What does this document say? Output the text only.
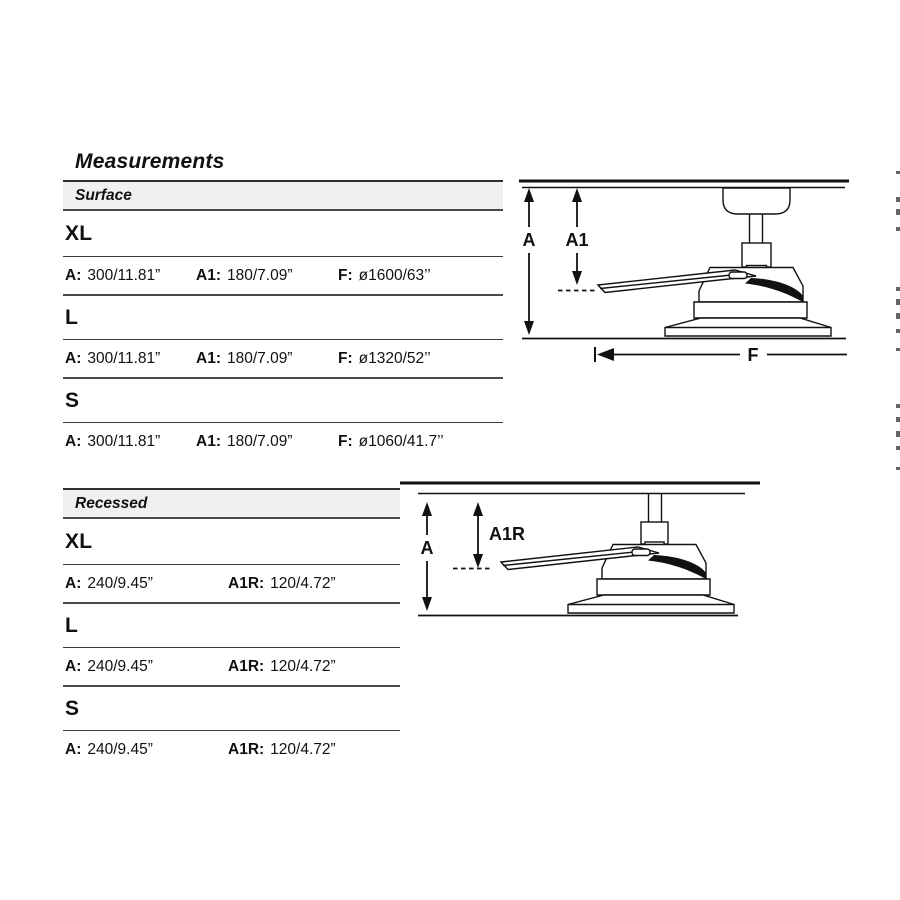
Measurements
Surface
XL
A: 300/11.81” A1: 180/7.09”	F: ø1600/63’’
L
A: 300/11.81” A1: 180/7.09”	F: ø1320/52’’
S
A: 300/11.81” A1: 180/7.09”	F: ø1060/41.7’’
Recessed
XL
A: 240/9.45”	A1R: 120/4.72”
L
A: 240/9.45”	A1R: 120/4.72”
S
A: 240/9.45”	A1R: 120/4.72”
A A1
F
A
A1R
